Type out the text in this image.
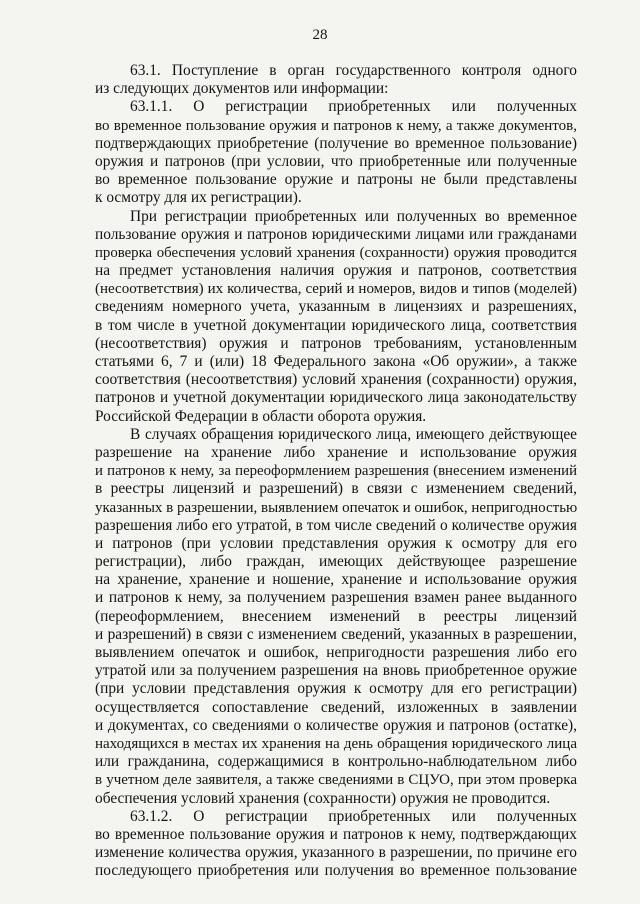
28
63.1. Поступление в орган государственного контроля одного
из следующих документов или информации:
63.1.1. О регистрации приобретенных или полученных
во временное пользование оружия и патронов к нему, а также документов,
подтверждающих приобретение (получение во временное пользование)
оружия и патронов (при условии, что приобретенные или полученные
во временное пользование оружие и патроны не были представлены
к осмотру для их регистрации).
При регистрации приобретенных или полученных во временное
пользование оружия и патронов юридическими лицами или гражданами
проверка обеспечения условий хранения (сохранности) оружия проводится
на предмет установления наличия оружия и патронов, соответствия
(несоответствия) их количества, серий и номеров, видов и типов (моделей)
сведениям номерного учета, указанным в лицензиях и разрешениях,
в том числе в учетной документации юридического лица, соответствия
(несоответствия) оружия и патронов требованиям, установленным
статьями 6, 7 и (или) 18 Федерального закона «Об оружии», а также
соответствия (несоответствия) условий хранения (сохранности) оружия,
патронов и учетной документации юридического лица законодательству
Российской Федерации в области оборота оружия.
В случаях обращения юридического лица, имеющего действующее
разрешение на хранение либо хранение и использование оружия
и патронов к нему, за переоформлением разрешения (внесением изменений
в реестры лицензий и разрешений) в связи с изменением сведений,
указанных в разрешении, выявлением опечаток и ошибок, непригодностью
разрешения либо его утратой, в том числе сведений о количестве оружия
и патронов (при условии представления оружия к осмотру для его
регистрации), либо граждан, имеющих действующее разрешение
на хранение, хранение и ношение, хранение и использование оружия
и патронов к нему, за получением разрешения взамен ранее выданного
(переоформлением, внесением изменений в реестры лицензий
и разрешений) в связи с изменением сведений, указанных в разрешении,
выявлением опечаток и ошибок, непригодности разрешения либо его
утратой или за получением разрешения на вновь приобретенное оружие
(при условии представления оружия к осмотру для его регистрации)
осуществляется сопоставление сведений, изложенных в заявлении
и документах, со сведениями о количестве оружия и патронов (остатке),
находящихся в местах их хранения на день обращения юридического лица
или гражданина, содержащимися в контрольно-наблюдательном либо
в учетном деле заявителя, а также сведениями в СЦУО, при этом проверка
обеспечения условий хранения (сохранности) оружия не проводится.
63.1.2. О регистрации приобретенных или полученных
во временное пользование оружия и патронов к нему, подтверждающих
изменение количества оружия, указанного в разрешении, по причине его
последующего приобретения или получения во временное пользование
